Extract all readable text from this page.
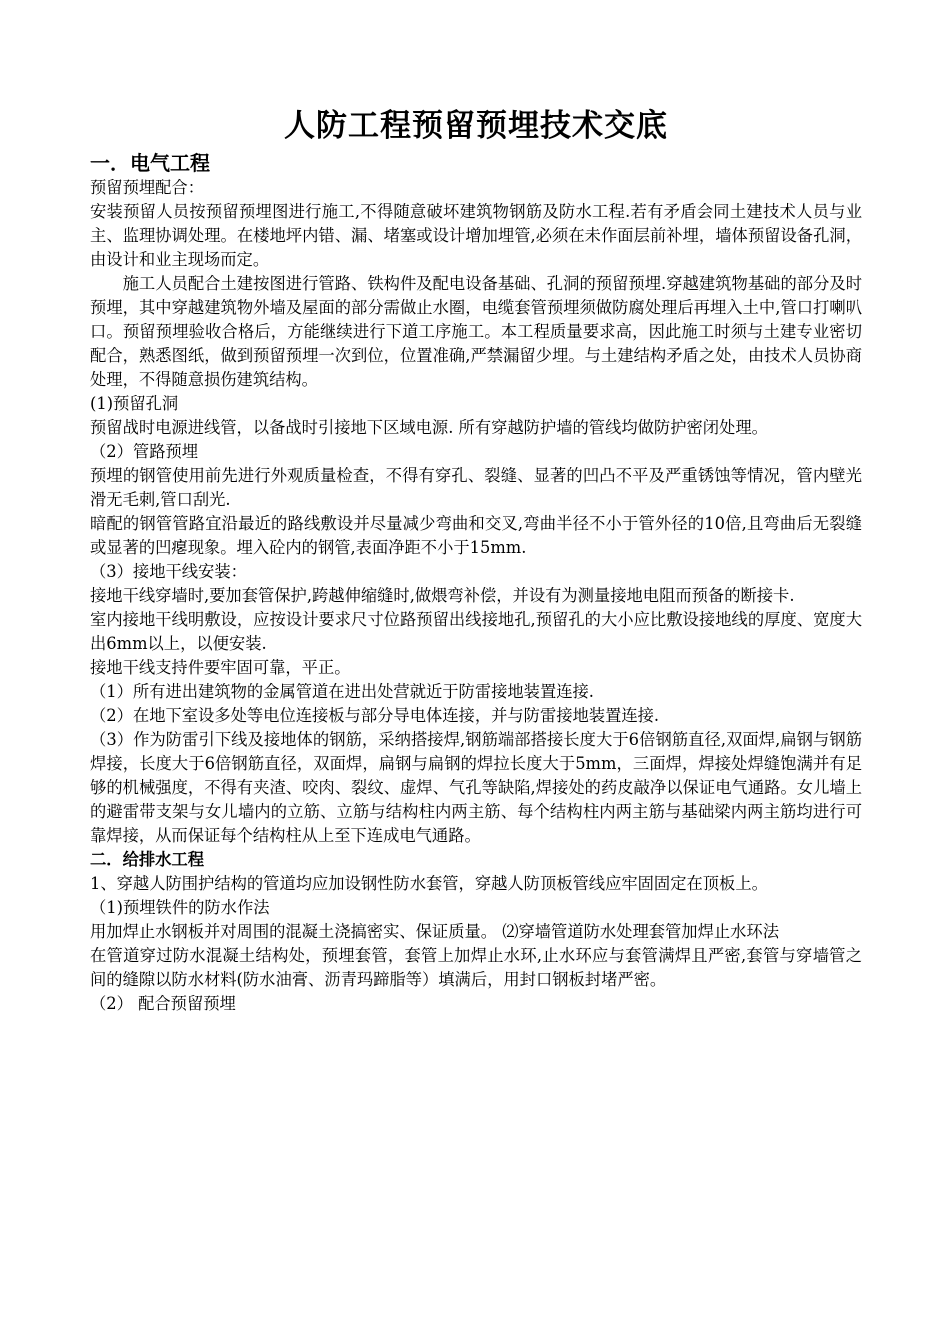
人防工程预留预埋技术交底
一．电气工程

预留预埋配合：

安装预留人员按预留预埋图进行施工,不得随意破坏建筑物钢筋及防水工程.若有矛盾会同土建技术人员与业主、监理协调处理。在楼地坪内错、漏、堵塞或设计增加埋管,必须在未作面层前补埋，墙体预留设备孔洞，由设计和业主现场而定。

施工人员配合土建按图进行管路、铁构件及配电设备基础、孔洞的预留预埋.穿越建筑物基础的部分及时预埋，其中穿越建筑物外墙及屋面的部分需做止水圈，电缆套管预埋须做防腐处理后再埋入土中,管口打喇叭口。预留预埋验收合格后，方能继续进行下道工序施工。本工程质量要求高，因此施工时须与土建专业密切配合，熟悉图纸，做到预留预埋一次到位，位置准确,严禁漏留少埋。与土建结构矛盾之处，由技术人员协商处理，不得随意损伤建筑结构。

(1)预留孔洞

预留战时电源进线管，以备战时引接地下区域电源. 所有穿越防护墙的管线均做防护密闭处理。

（2）管路预埋

预埋的钢管使用前先进行外观质量检查，不得有穿孔、裂缝、显著的凹凸不平及严重锈蚀等情况，管内壁光滑无毛刺,管口刮光.

暗配的钢管管路宜沿最近的路线敷设并尽量减少弯曲和交叉,弯曲半径不小于管外径的10倍,且弯曲后无裂缝或显著的凹瘪现象。埋入砼内的钢管,表面净距不小于15mm.

（3）接地干线安装：

接地干线穿墙时,要加套管保护,跨越伸缩缝时,做煨弯补偿，并设有为测量接地电阻而预备的断接卡.

室内接地干线明敷设，应按设计要求尺寸位路预留出线接地孔,预留孔的大小应比敷设接地线的厚度、宽度大出6mm以上，以便安装.

接地干线支持件要牢固可靠，平正。

（1）所有进出建筑物的金属管道在进出处营就近于防雷接地装置连接.

（2）在地下室设多处等电位连接板与部分导电体连接，并与防雷接地装置连接.

（3）作为防雷引下线及接地体的钢筋，采纳搭接焊,钢筋端部搭接长度大于6倍钢筋直径,双面焊,扁钢与钢筋焊接，长度大于6倍钢筋直径，双面焊，扁钢与扁钢的焊拉长度大于5mm，三面焊，焊接处焊缝饱满并有足够的机械强度，不得有夹渣、咬肉、裂纹、虚焊、气孔等缺陷,焊接处的药皮敲净以保证电气通路。女儿墙上的避雷带支架与女儿墙内的立筋、立筋与结构柱内两主筋、每个结构柱内两主筋与基础梁内两主筋均进行可靠焊接，从而保证每个结构柱从上至下连成电气通路。

二．给排水工程

1、穿越人防围护结构的管道均应加设钢性防水套管，穿越人防顶板管线应牢固固定在顶板上。

（1)预埋铁件的防水作法

用加焊止水钢板并对周围的混凝土浇搞密实、保证质量。 ⑵穿墙管道防水处理套管加焊止水环法

在管道穿过防水混凝土结构处，预埋套管，套管上加焊止水环,止水环应与套管满焊且严密,套管与穿墙管之间的缝隙以防水材料(防水油膏、沥青玛蹄脂等）填满后，用封口钢板封堵严密。

（2） 配合预留预埋
